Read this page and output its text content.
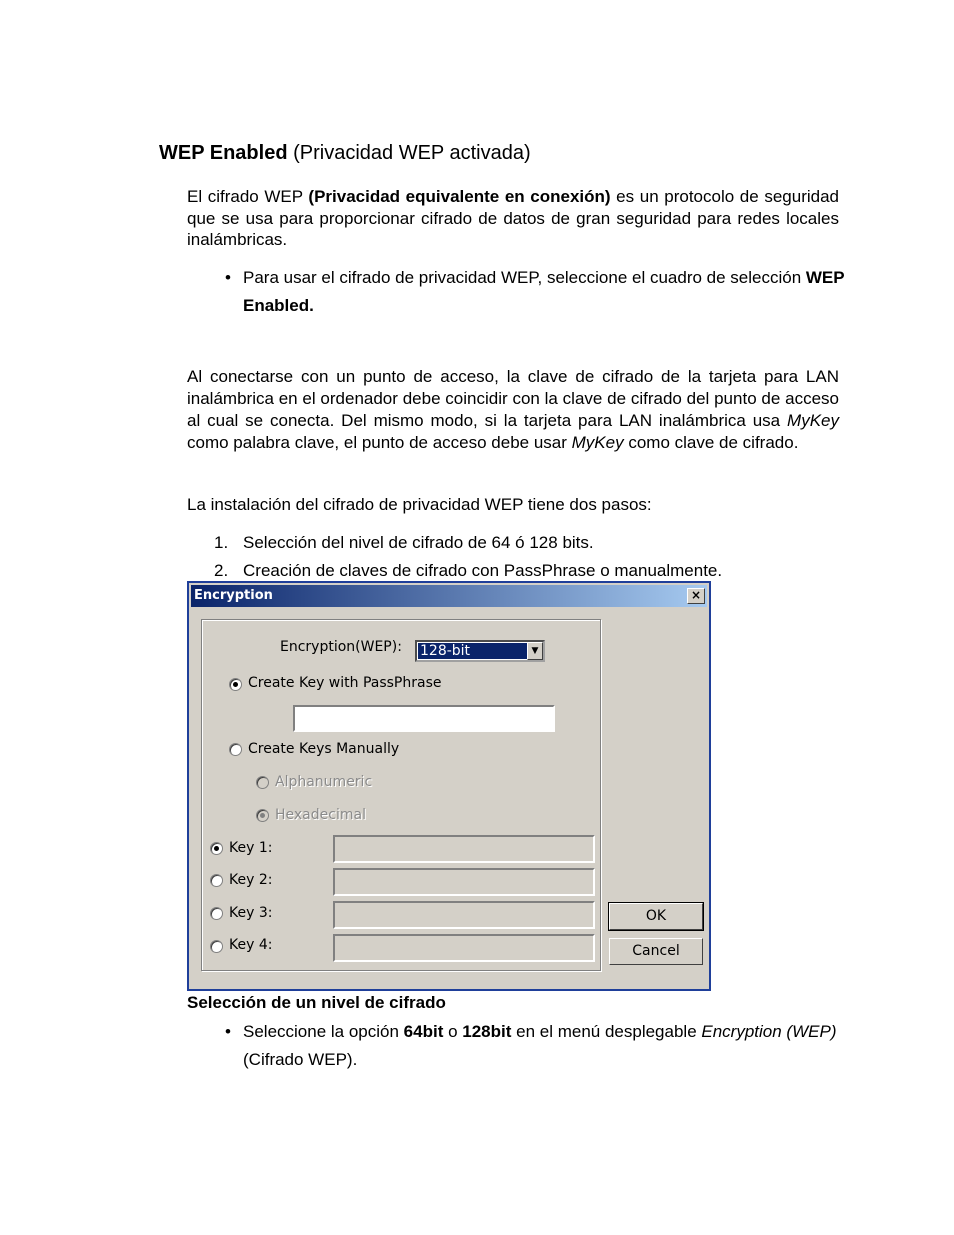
WEP Enabled (Privacidad WEP activada)
El cifrado WEP (Privacidad equivalente en conexión) es un protocolo de seguridad que se usa para proporcionar cifrado de datos de gran seguridad para redes locales inalámbricas.
• Para usar el cifrado de privacidad WEP, seleccione el cuadro de selección WEP Enabled.
Al conectarse con un punto de acceso, la clave de cifrado de la tarjeta para LAN inalámbrica en el ordenador debe coincidir con la clave de cifrado del punto de acceso al cual se conecta. Del mismo modo, si la tarjeta para LAN inalámbrica usa MyKey como palabra clave, el punto de acceso debe usar MyKey como clave de cifrado.
La instalación del cifrado de privacidad WEP tiene dos pasos:
1. Selección del nivel de cifrado de 64 ó 128 bits.
2. Creación de claves de cifrado con PassPhrase o manualmente.
Encryption	×
Encryption(WEP): 128-bit	▼
Create Key with PassPhrase
Create Keys Manually
Alphanumeric
Hexadecimal
Key 1:
Key 2:
Key 3:
Key 4:
OK
Cancel
Selección de un nivel de cifrado
• Seleccione la opción 64bit o 128bit en el menú desplegable Encryption (WEP) (Cifrado WEP).
